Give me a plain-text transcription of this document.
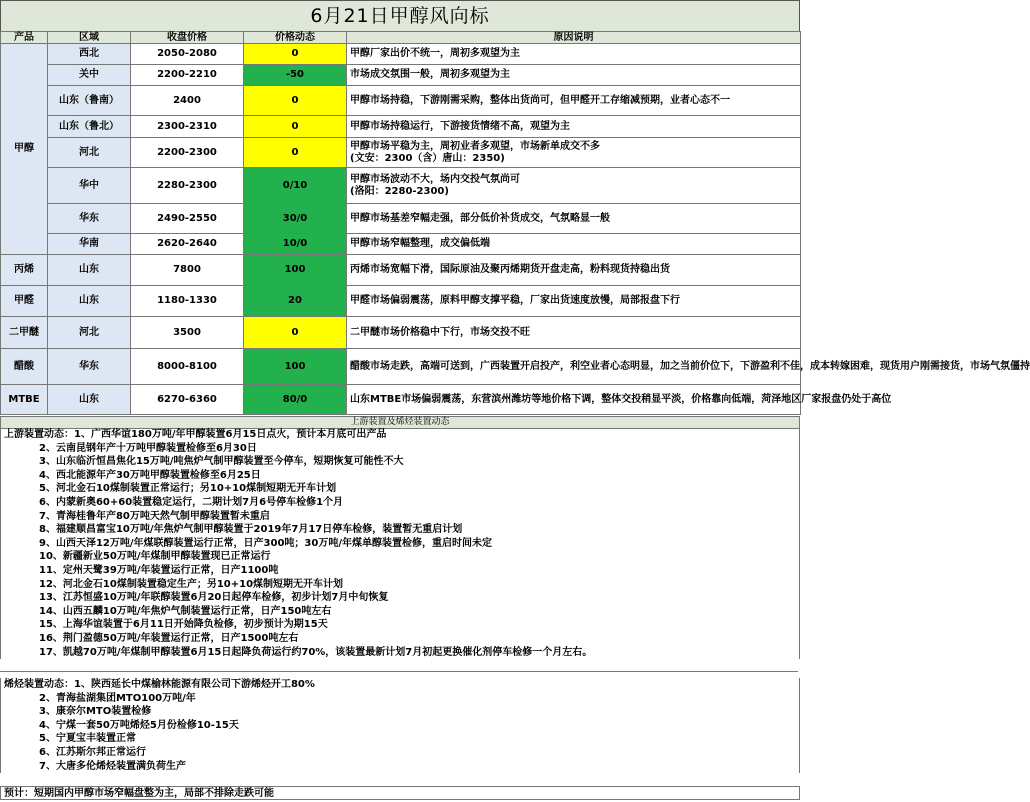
6月21日甲醇风向标
产品	区域	收盘价格	价格动态	原因说明
甲醇	西北	2050-2080	0	甲醇厂家出价不统一，周初多观望为主

	关中	2200-2210	-50	市场成交氛围一般，周初多观望为主

	山东（鲁南）	2400	0	甲醇市场持稳，下游刚需采购，整体出货尚可，但甲醛开工存缩减预期，业者心态不一

	山东（鲁北）	2300-2310	0	甲醇市场持稳运行，下游接货情绪不高，观望为主

	河北	2200-2300	0	甲醇市场平稳为主，周初业者多观望，市场新单成交不多
(文安：2300（含）唐山：2350)

	华中	2280-2300	0/10	甲醇市场波动不大，场内交投气氛尚可
(洛阳：2280-2300)

	华东	2490-2550	30/0	甲醇市场基差窄幅走强，部分低价补货成交，气氛略显一般

	华南	2620-2640	10/0	甲醇市场窄幅整理，成交偏低端

丙烯	山东	7800	100	丙烯市场宽幅下滑，国际原油及聚丙烯期货开盘走高，粉料现货持稳出货

甲醛	山东	1180-1330	20	甲醛市场偏弱震荡，原料甲醇支撑平稳，厂家出货速度放慢，局部报盘下行

二甲醚	河北	3500	0	二甲醚市场价格稳中下行，市场交投不旺

醋酸	华东	8000-8100	100	醋酸市场走跌，高端可送到，广西装置开启投产，利空业者心态明显，加之当前价位下，下游盈利不佳，成本转嫁困难，现货用户刚需接货，市场气氛僵持

MTBE	山东	6270-6360	80/0	山东MTBE市场偏弱震荡，东营滨州潍坊等地价格下调，整体交投稍显平淡，价格靠向低端，菏泽地区厂家报盘仍处于高位
上游装置及烯烃装置动态
上游装置动态：1、广西华谊180万吨/年甲醇装置6月15日点火，预计本月底可出产品
2、云南昆钢年产十万吨甲醇装置检修至6月30日
3、山东临沂恒昌焦化15万吨/吨焦炉气制甲醇装置至今停车，短期恢复可能性不大
4、西北能源年产30万吨甲醇装置检修至6月25日
5、河北金石10煤制装置正常运行；另10+10煤制短期无开车计划
6、内蒙新奥60+60装置稳定运行，二期计划7月6号停车检修1个月
7、青海桂鲁年产80万吨天然气制甲醇装置暂未重启
8、福建顺昌富宝10万吨/年焦炉气制甲醇装置于2019年7月17日停车检修，装置暂无重启计划
9、山西天泽12万吨/年煤联醇装置运行正常，日产300吨；30万吨/年煤单醇装置检修，重启时间未定
10、新疆新业50万吨/年煤制甲醇装置现已正常运行
11、定州天鹭39万吨/年装置运行正常，日产1100吨
12、河北金石10煤制装置稳定生产；另10+10煤制短期无开车计划
13、江苏恒盛10万吨/年联醇装置6月20日起停车检修，初步计划7月中旬恢复
14、山西五麟10万吨/年焦炉气制装置运行正常，日产150吨左右
15、上海华谊装置于6月11日开始降负检修，初步预计为期15天
16、荆门盈德50万吨/年装置运行正常，日产1500吨左右
17、凯越70万吨/年煤制甲醇装置6月15日起降负荷运行约70%，该装置最新计划7月初起更换催化剂停车检修一个月左右。
烯烃装置动态：1、陕西延长中煤榆林能源有限公司下游烯烃开工80%
2、青海盐湖集团MTO100万吨/年
3、康奈尔MTO装置检修
4、宁煤一套50万吨烯烃5月份检修10-15天
5、宁夏宝丰装置正常
6、江苏斯尔邦正常运行
7、大唐多伦烯烃装置满负荷生产
预计：短期国内甲醇市场窄幅盘整为主，局部不排除走跌可能
